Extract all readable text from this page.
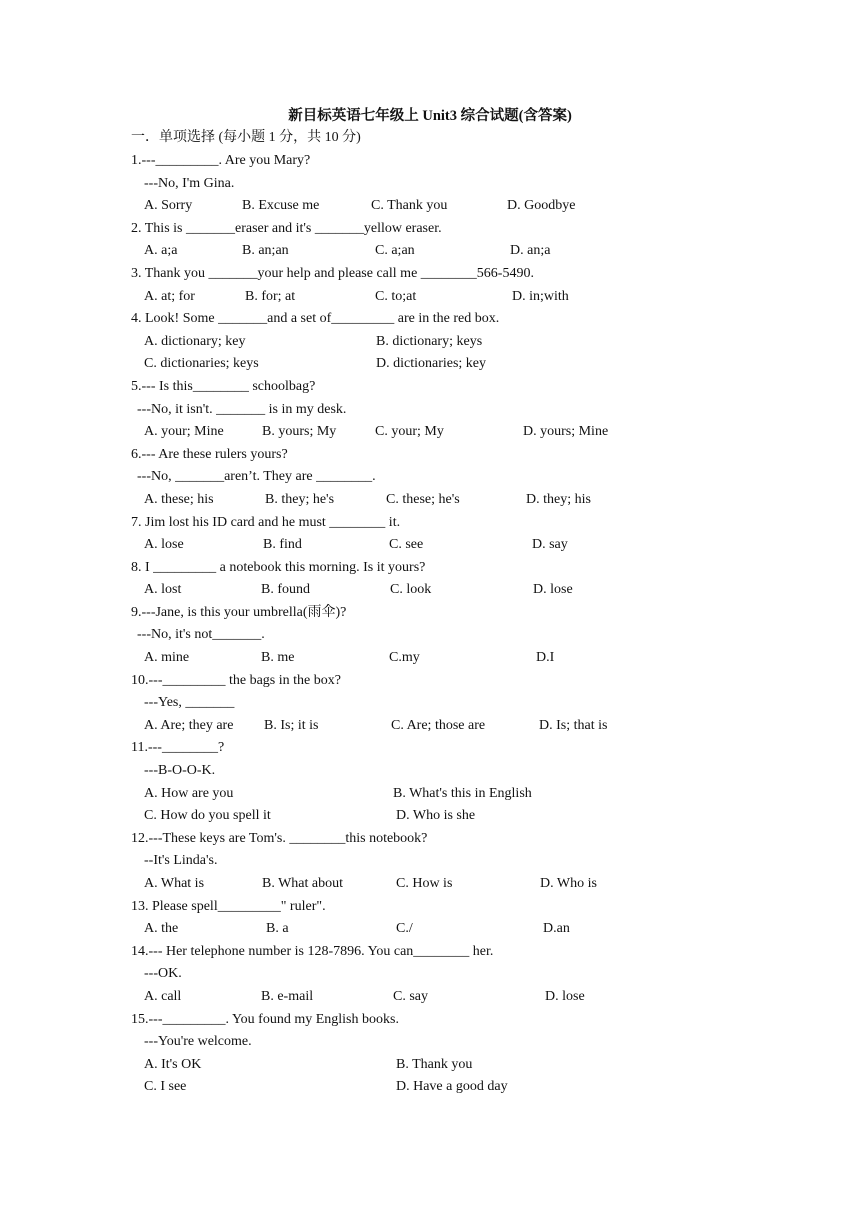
新目标英语七年级上 Unit3 综合试题(含答案)
一．单项选择 (每小题 1 分，共 10 分)
1.---_________. Are you Mary?
---No, I'm Gina.
A. Sorry	B. Excuse me	C. Thank you	D. Goodbye
2. This is _______eraser and it's _______yellow eraser.
A. a;a	B. an;an	C. a;an	D. an;a
3. Thank you _______your help and please call me ________566-5490.
A. at; for	B. for; at	C. to;at	D. in;with
4. Look! Some _______and a set of_________ are in the red box.
A. dictionary; key	B. dictionary; keys
C. dictionaries; keys	D. dictionaries; key
5.--- Is this________ schoolbag?
---No, it isn't. _______ is in my desk.
A. your; Mine	B. yours; My	C. your; My	D. yours; Mine
6.--- Are these rulers yours?
---No, _______aren’t. They are ________.
A. these; his	B. they; he's	C. these; he's	D. they; his
7. Jim lost his ID card and he must ________ it.
A. lose	B. find	C. see	D. say
8. I _________ a notebook this morning. Is it yours?
A. lost	B. found	C. look	D. lose
9.---Jane, is this your umbrella(雨伞)?
---No, it's not_______.
A. mine	B. me	C.my	D.I
10.---_________ the bags in the box?
---Yes, _______
A. Are; they are B. Is; it is	C. Are; those are	D. Is; that is
11.---________?
---B-O-O-K.
A. How are you	B. What's this in English
C. How do you spell it	D. Who is she
12.---These keys are Tom's. ________this notebook?
--It's Linda's.
A. What is	B. What about	C. How is	D. Who is
13. Please spell_________" ruler".
A. the	B. a	C./	D.an
14.--- Her telephone number is 128-7896. You can________ her.
---OK.
A. call	B. e-mail	C. say	D. lose
15.---_________. You found my English books.
---You're welcome.
A. It's OK	B. Thank you
C. I see	D. Have a good day
